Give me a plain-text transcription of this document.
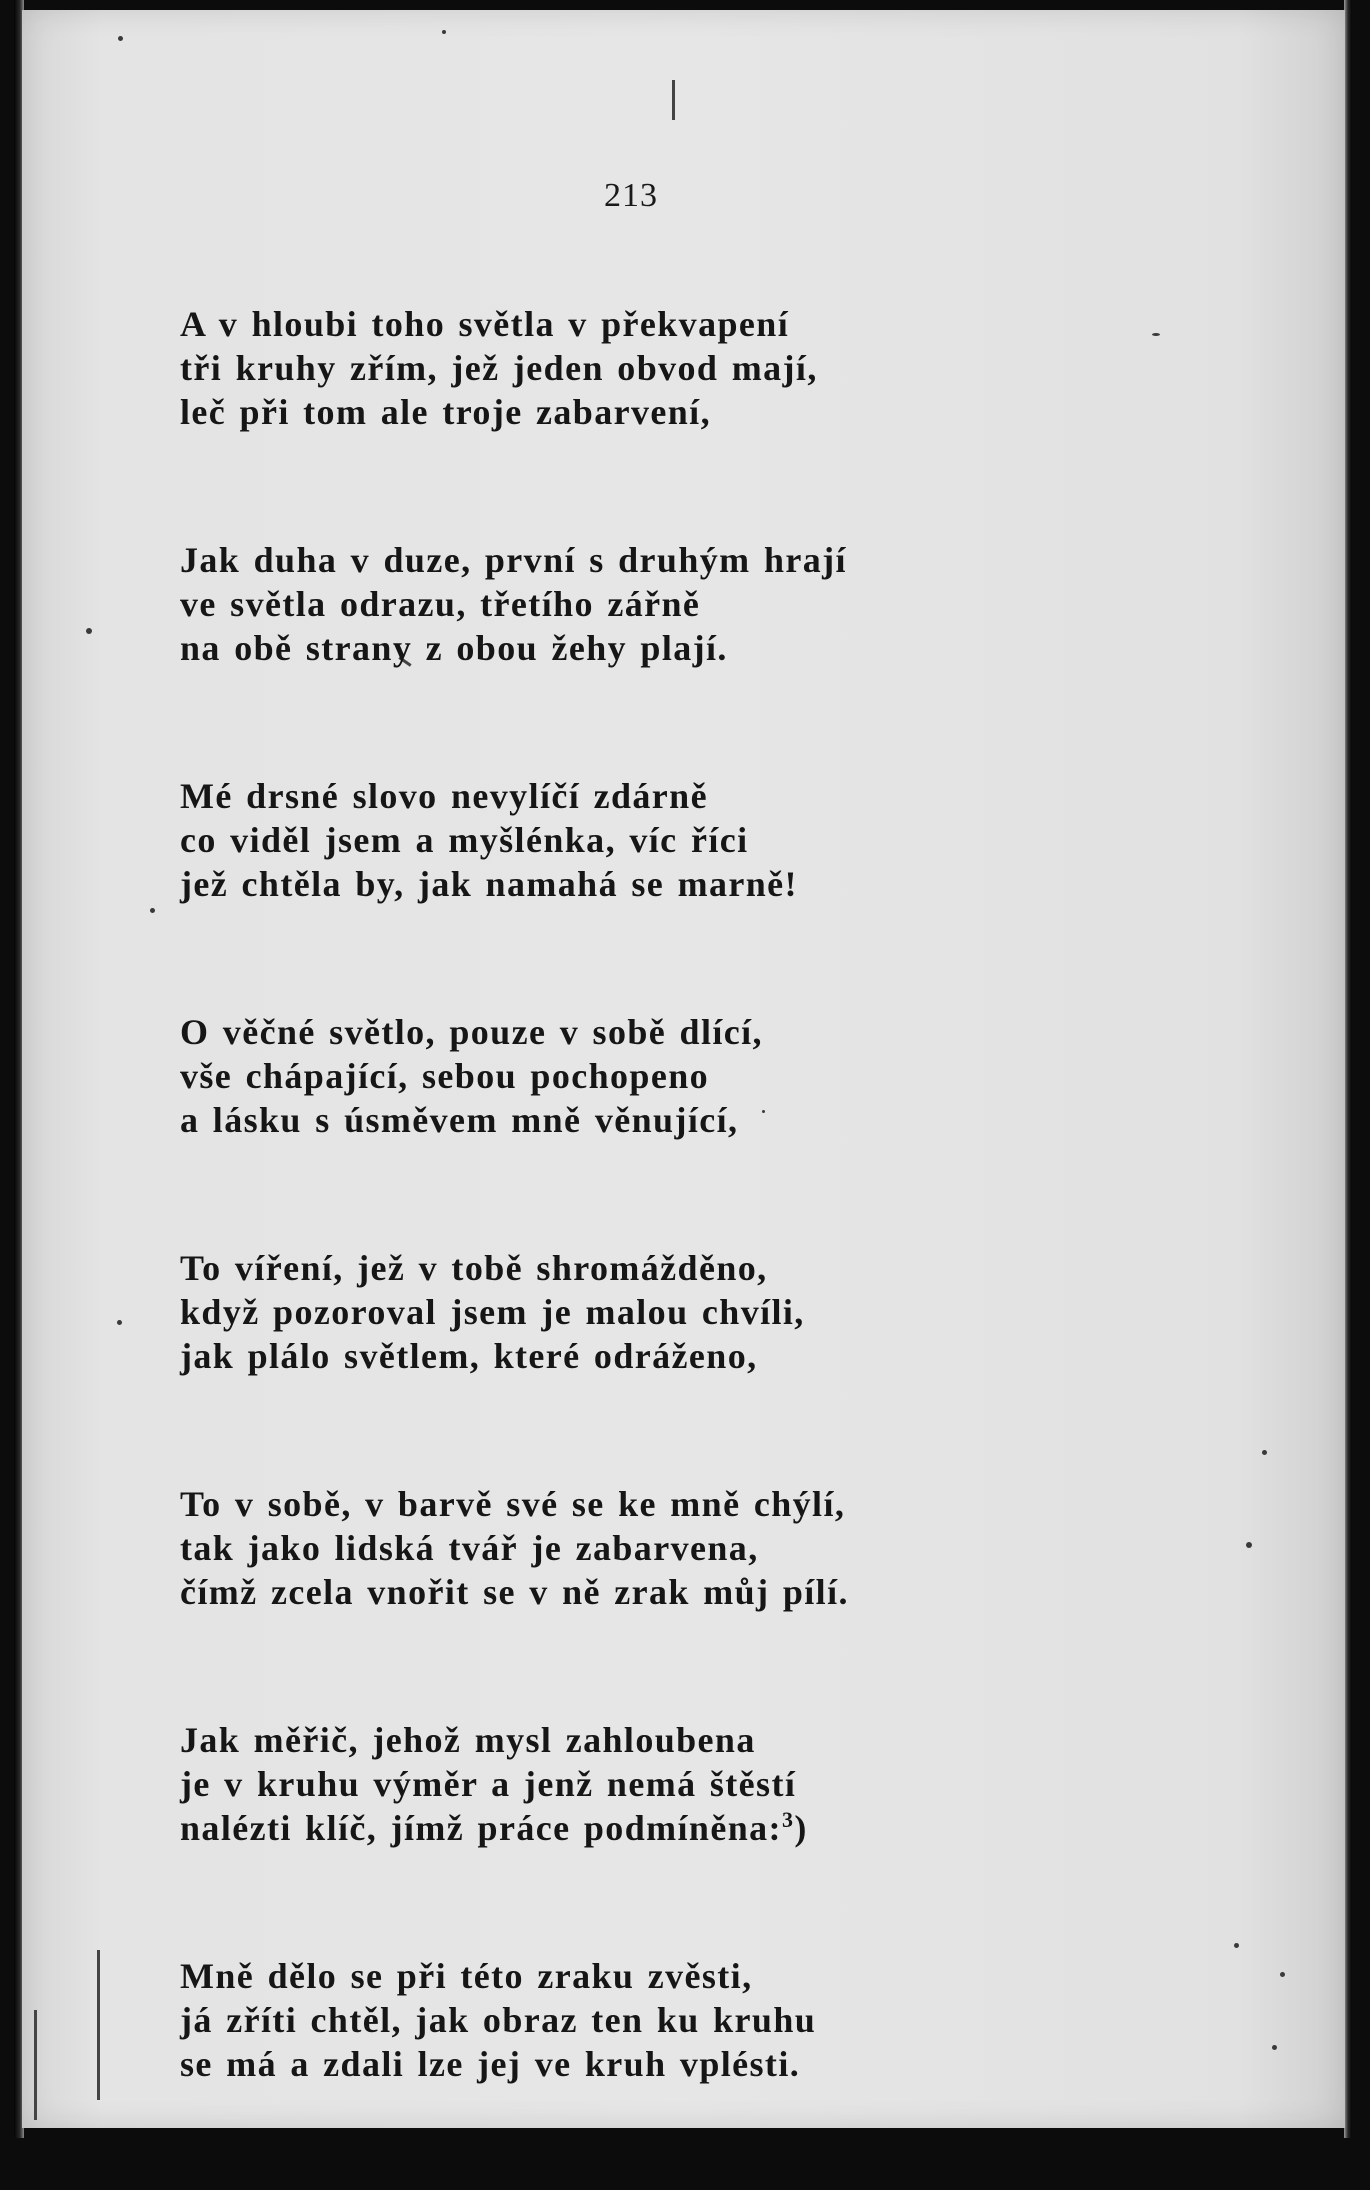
213
A v hloubi toho světla v překvapení
tři kruhy zřím, jež jeden obvod mají,
leč při tom ale troje zabarvení,
Jak duha v duze, první s druhým hrají
ve světla odrazu, třetího zářně
na obě strany z obou žehy plají.
Mé drsné slovo nevylíčí zdárně
co viděl jsem a myšlénka, víc říci
jež chtěla by, jak namahá se marně!
O věčné světlo, pouze v sobě dlící,
vše chápající, sebou pochopeno
a lásku s úsměvem mně věnující,
To víření, jež v tobě shromážděno,
když pozoroval jsem je malou chvíli,
jak plálo světlem, které odráženo,
To v sobě, v barvě své se ke mně chýlí,
tak jako lidská tvář je zabarvena,
čímž zcela vnořit se v ně zrak můj pílí.
Jak měřič, jehož mysl zahloubena
je v kruhu výměr a jenž nemá štěstí
nalézti klíč, jímž práce podmíněna:$^3$)
Mně dělo se při této zraku zvěsti,
já zříti chtěl, jak obraz ten ku kruhu
se má a zdali lze jej ve kruh vplésti.
